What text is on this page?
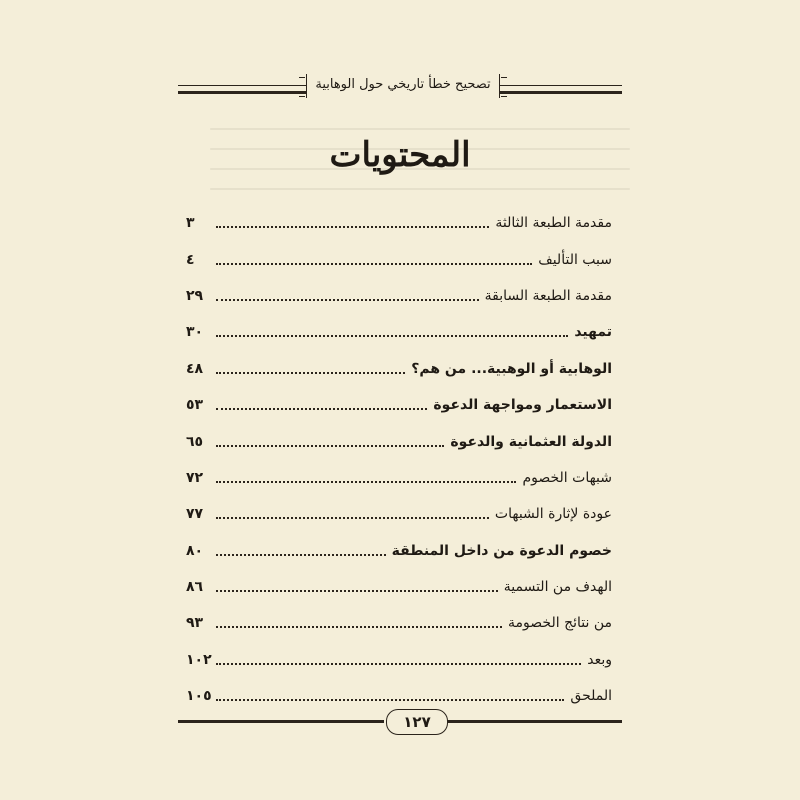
تصحيح خطأ تاريخي حول الوهابية
المحتويات
مقدمة الطبعة الثالثة
٣
سبب التأليف
٤
مقدمة الطبعة السابقة
٢٩
تمهيد
٣٠
الوهابية أو الوهبية... من هم؟
٤٨
الاستعمار ومواجهة الدعوة
٥٣
الدولة العثمانية والدعوة
٦٥
شبهات الخصوم
٧٢
عودة لإثارة الشبهات
٧٧
خصوم الدعوة من داخل المنطقة
٨٠
الهدف من التسمية
٨٦
من نتائج الخصومة
٩٣
وبعد
١٠٢
الملحق
١٠٥
١٢٧
